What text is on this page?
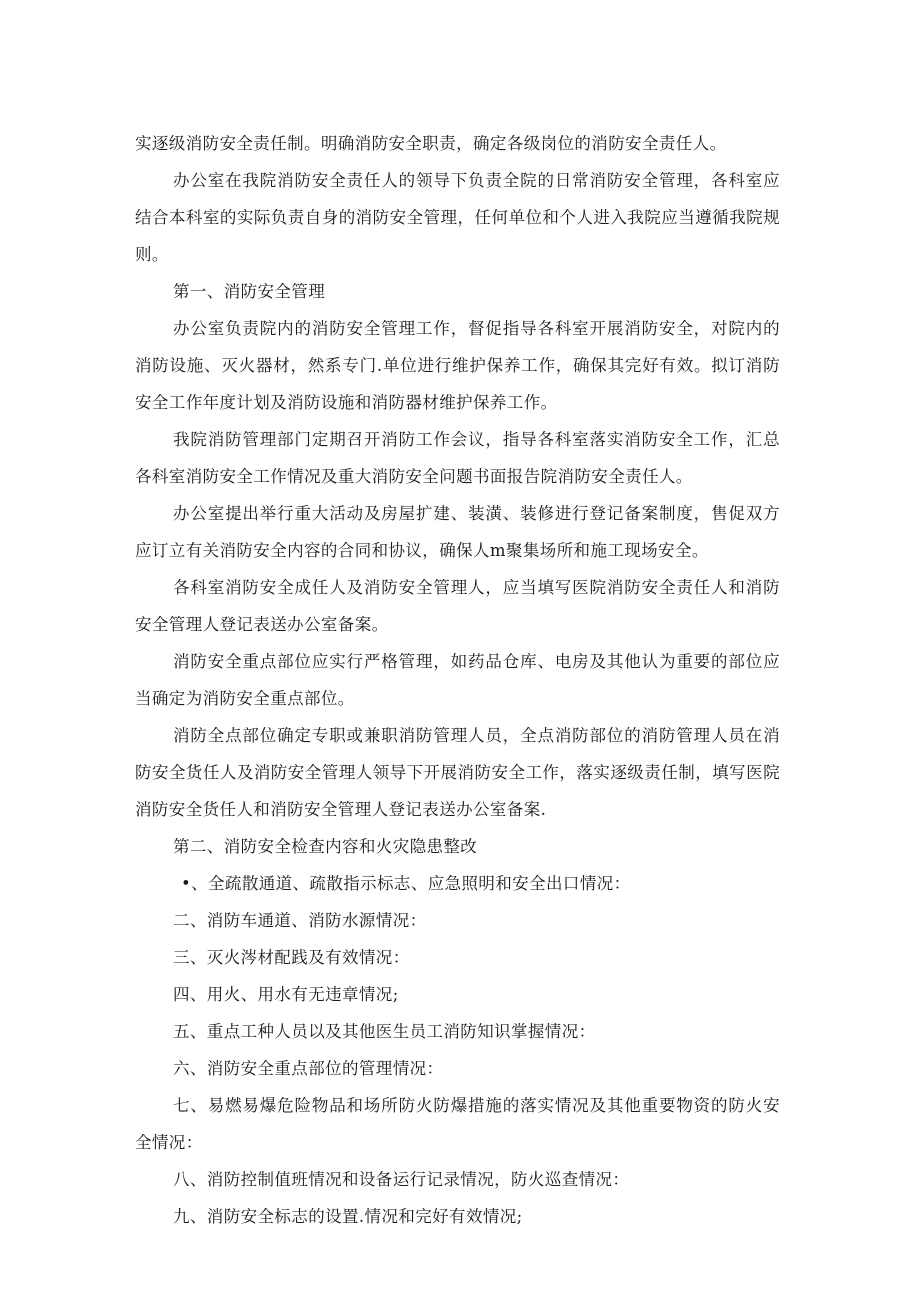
实逐级消防安全责任制。明确消防安全职责，确定各级岗位的消防安全责任人。

办公室在我院消防安全责任人的领导下负责全院的日常消防安全管理，各科室应结合本科室的实际负责自身的消防安全管理，任何单位和个人进入我院应当遵循我院规则。

第一、消防安全管理

办公室负责院内的消防安全管理工作，督促指导各科室开展消防安全，对院内的消防设施、灭火器材，然系专门.单位进行维护保养工作，确保其完好有效。拟订消防安全工作年度计划及消防设施和消防器材维护保养工作。

我院消防管理部门定期召开消防工作会议，指导各科室落实消防安全工作，汇总各科室消防安全工作情况及重大消防安全问题书面报告院消防安全责任人。

办公室提出举行重大活动及房屋扩建、装潢、装修进行登记备案制度，售促双方应订立有关消防安全内容的合同和协议，确保人m聚集场所和施工现场安全。

各科室消防安全成任人及消防安全管理人，应当填写医院消防安全责任人和消防安全管理人登记表送办公室备案。

消防安全重点部位应实行严格管理，如药品仓库、电房及其他认为重要的部位应当确定为消防安全重点部位。

消防全点部位确定专职或兼职消防管理人员，全点消防部位的消防管理人员在消防安全货任人及消防安全管理人领导下开展消防安全工作，落实逐级责任制，填写医院消防安全货任人和消防安全管理人登记表送办公室备案.

第二、消防安全检查内容和火灾隐患整改

•、全疏散通道、疏散指示标志、应急照明和安全出口情况：

二、消防车通道、消防水源情况：

三、灭火涔材配践及有效情况：

四、用火、用水有无违章情况;

五、重点工种人员以及其他医生员工消防知识掌握情况：

六、消防安全重点部位的管理情况：

七、易燃易爆危险物品和场所防火防爆措施的落实情况及其他重要物资的防火安全情况：

八、消防控制值班情况和设备运行记录情况，防火巡查情况：

九、消防安全标志的设置.情况和完好有效情况;
